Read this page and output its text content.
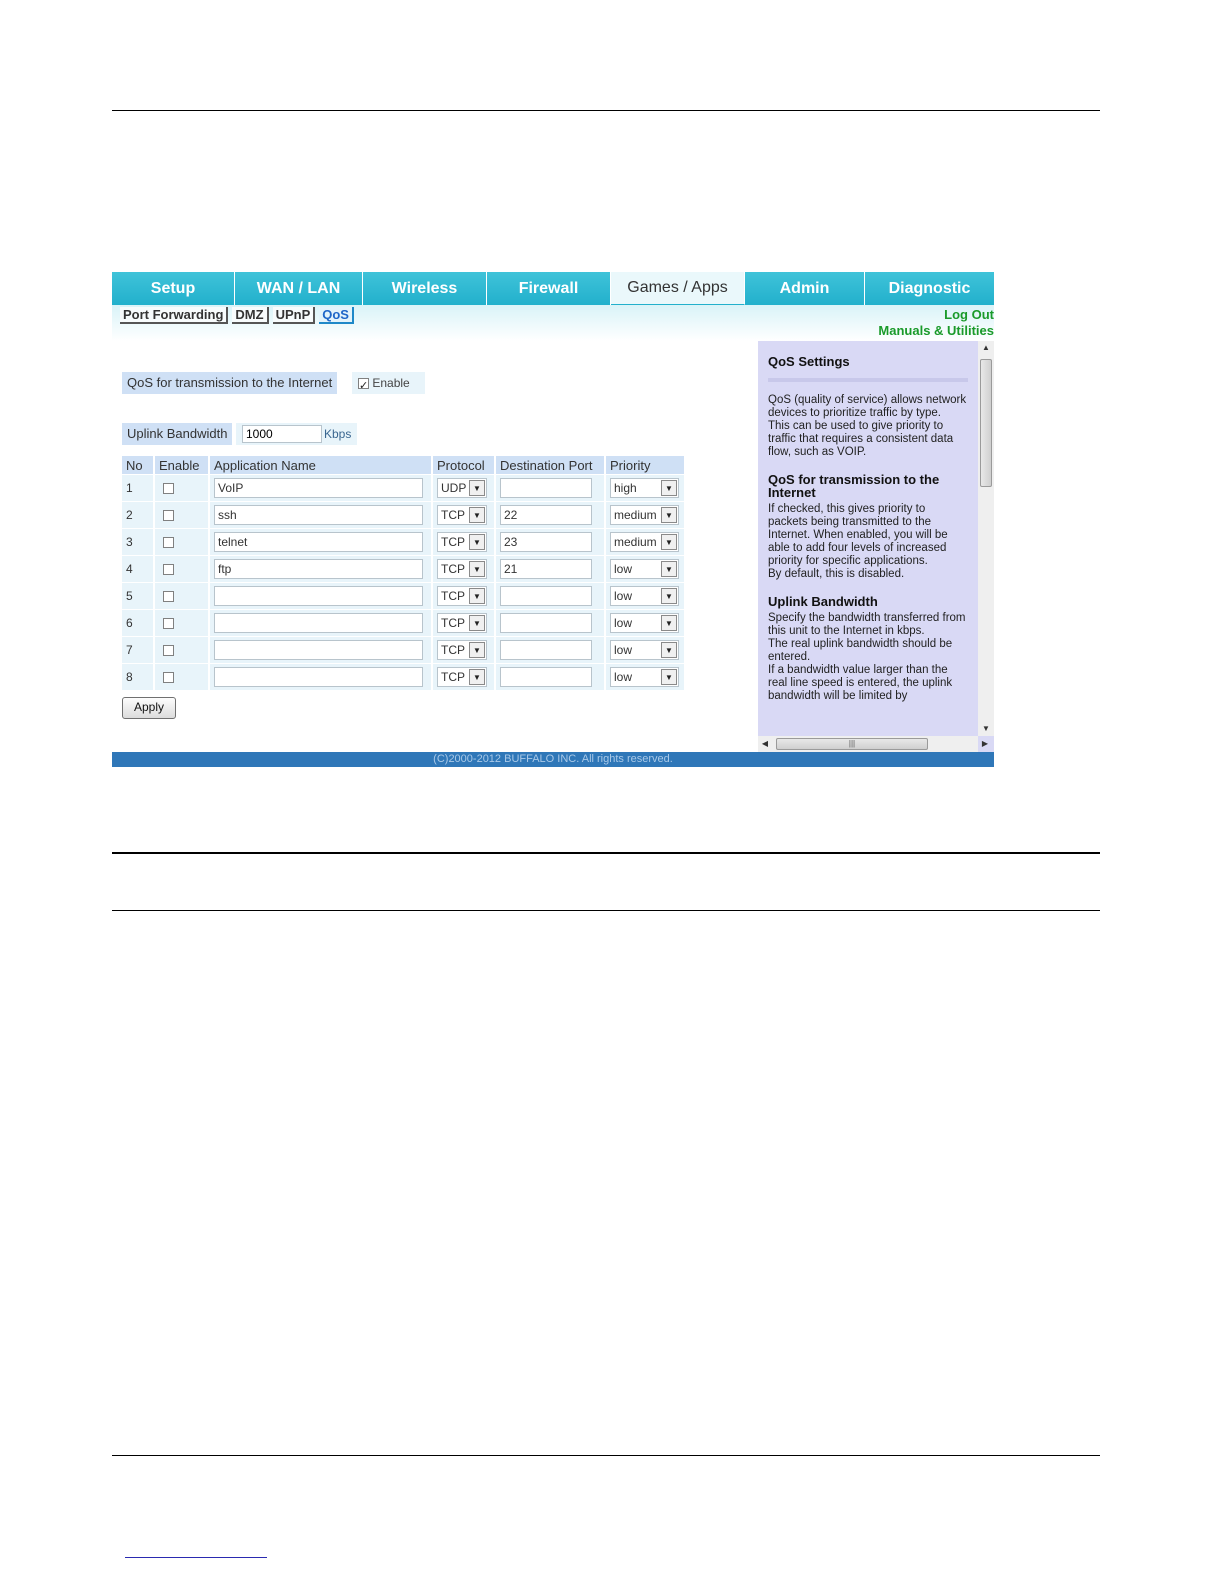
Setup	WAN / LAN	Wireless	Firewall	Games / Apps	Admin	Diagnostic
Port Forwarding DMZ UPnP QoS	Log Out
Manuals & Utilities
QoS for transmission to the Internet ✓	Enable
Uplink Bandwidth	1000	Kbps
No	Enable	Application Name	Protocol	Destination Port	Priority
1		VoIP	UDP ▼		high ▼

2		ssh	TCP ▼	22	medium ▼

3		telnet	TCP ▼	23	medium ▼

4		ftp	TCP ▼	21	low ▼

5			TCP ▼		low ▼

6			TCP ▼		low ▼

7			TCP ▼		low ▼

8			TCP ▼		low ▼
Apply
QoS Settings

QoS (quality of service) allows network devices to prioritize traffic by type.

This can be used to give priority to traffic that requires a consistent data flow, such as VOIP.

QoS for transmission to the Internet

If checked, this gives priority to packets being transmitted to the Internet. When enabled, you will be able to add four levels of increased priority for specific applications.

By default, this is disabled.

Uplink Bandwidth

Specify the bandwidth transferred from this unit to the Internet in kbps.

The real uplink bandwidth should be entered.

If a bandwidth value larger than the real line speed is entered, the uplink bandwidth will be limited by

▲
▼
◀	|||	▶
(C)2000-2012 BUFFALO INC. All rights reserved.
